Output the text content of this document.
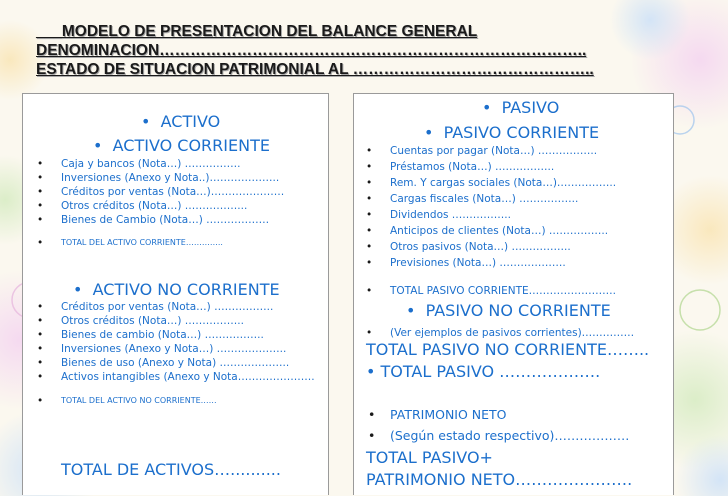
___MODELO DE PRESENTACION DEL BALANCE GENERAL
DENOMINACION………………………………………………………………………..
ESTADO DE SITUACION PATRIMONIAL AL ………………………………………..
• ACTIVO
• ACTIVO CORRIENTE
• Caja y bancos (Nota…) …………….
• Inversiones (Anexo y Nota..)………………..
• Créditos por ventas (Nota…)…………………
• Otros créditos (Nota…) ……………...
• Bienes de Cambio (Nota…) ………………
• TOTAL DEL ACTIVO CORRIENTE…………..
• ACTIVO NO CORRIENTE
• Créditos por ventas (Nota…) ……………..
• Otros créditos (Nota…) ……………..
• Bienes de cambio (Nota…) ……………..
• Inversiones (Anexo y Nota…) ………………..
• Bienes de uso (Anexo y Nota) ………………..
• Activos intangibles (Anexo y Nota………………….
• TOTAL DEL ACTIVO NO CORRIENTE……
TOTAL DE ACTIVOS…..........
• PASIVO
• PASIVO CORRIENTE
• Cuentas por pagar (Nota…) ……………..
• Préstamos (Nota…) ……………..
• Rem. Y cargas sociales (Nota…)……………..
• Cargas fiscales (Nota…) ……………..
• Dividendos ……………..
• Anticipos de clientes (Nota…) ……………..
• Otros pasivos (Nota…) ……………..
• Previsiones (Nota…) ……………….
• TOTAL PASIVO CORRIENTE…………………….
• PASIVO NO CORRIENTE
• (Ver ejemplos de pasivos corrientes)……………
TOTAL PASIVO NO CORRIENTE……..
• TOTAL PASIVO ……………….
• PATRIMONIO NETO
• (Según estado respectivo)………………
TOTAL PASIVO+
PATRIMONIO NETO………………….
